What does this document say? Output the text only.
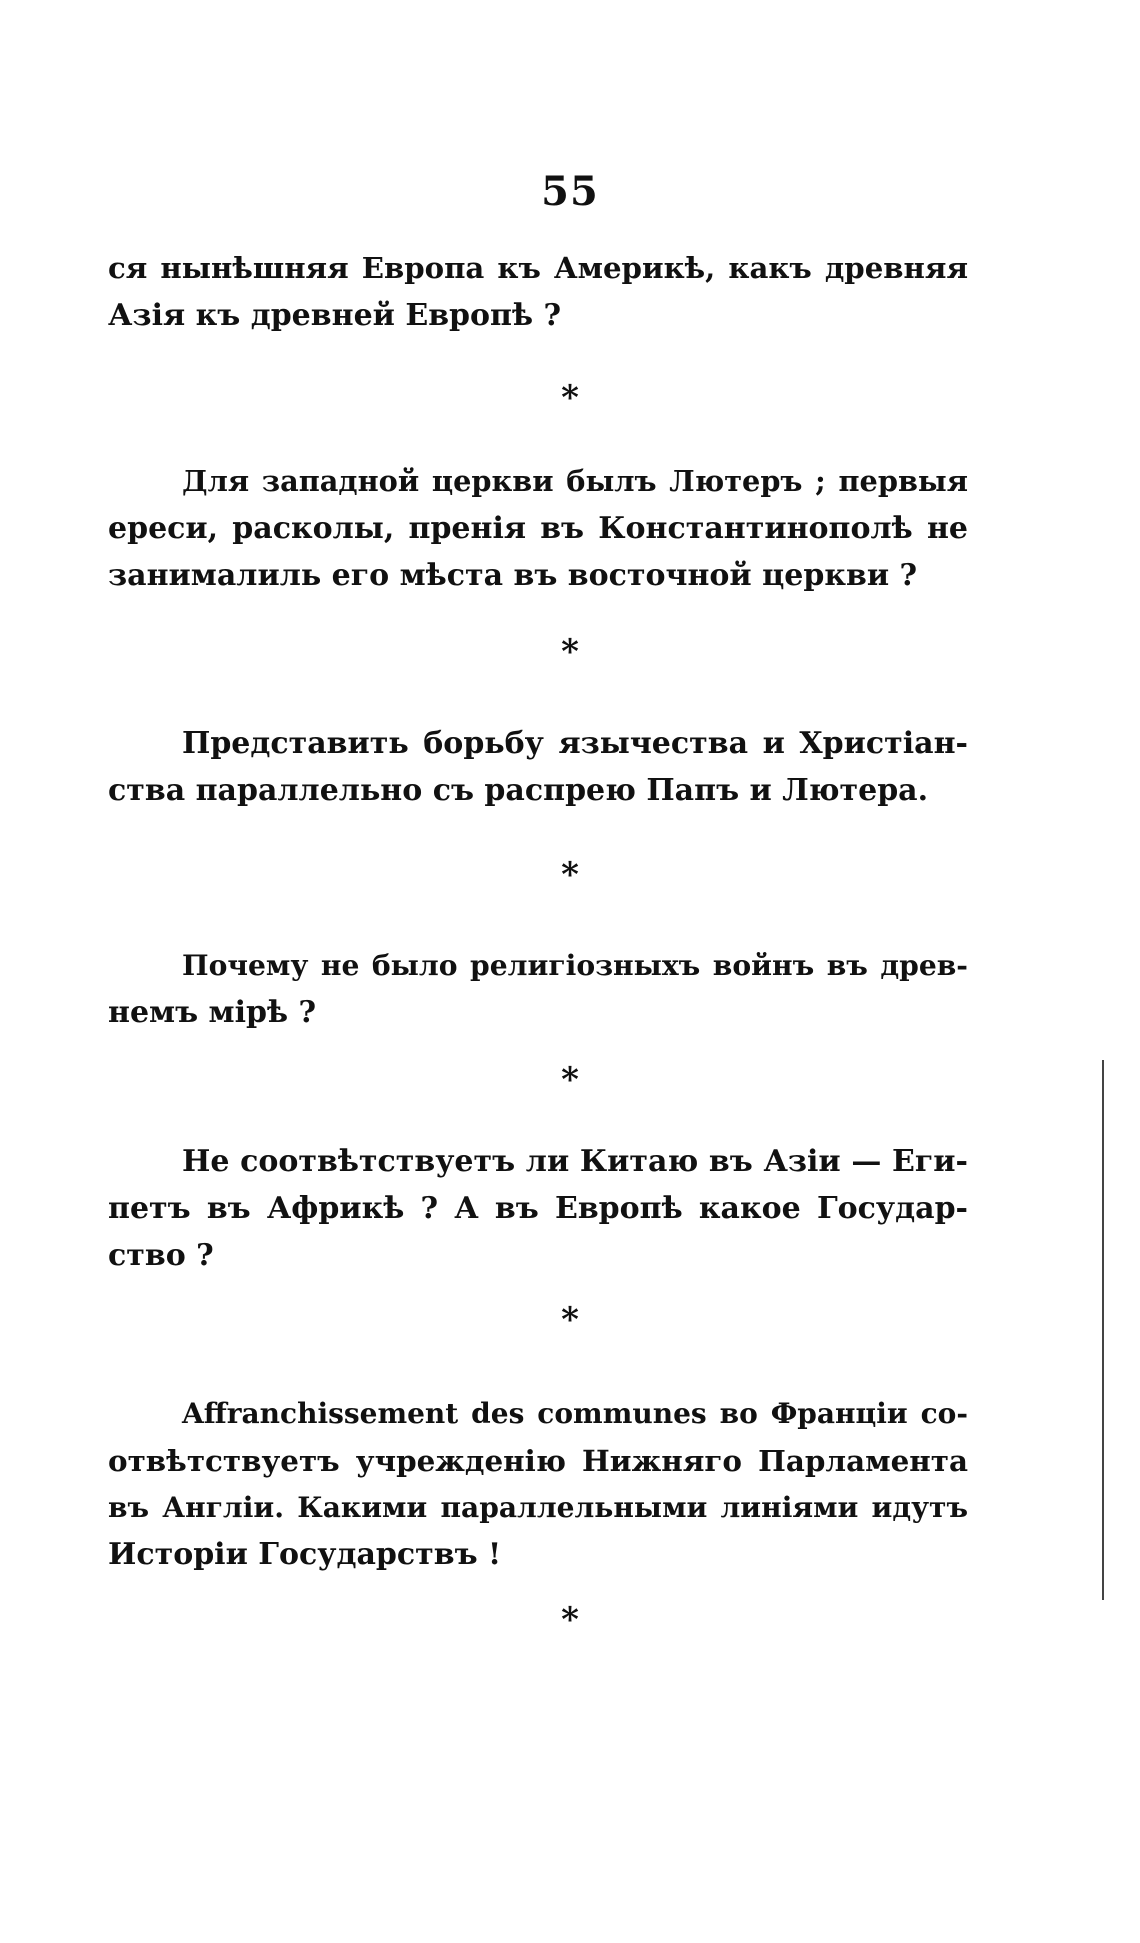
55
ся нынѣшняя Европа къ Америкѣ, какъ древняя
Азія къ древней Европѣ ?
*
Для западной церкви былъ Лютеръ ; первыя
ереси, расколы, пренія въ Константинополѣ не
занималиль его мѣста въ восточной церкви ?
*
Представить борьбу язычества и Христіан-
ства параллельно съ распрею Папъ и Лютера.
*
Почему не было религіозныхъ войнъ въ древ-
немъ мірѣ ?
*
Не соотвѣтствуетъ ли Китаю въ Азіи — Еги-
петъ въ Африкѣ ? А въ Европѣ какое Государ-
ство ?
*
Affranchissement des communes во Франціи со-
отвѣтствуетъ учрежденію Нижняго Парламента
въ Англіи. Какими параллельными линіями идутъ
Исторіи Государствъ !
*
